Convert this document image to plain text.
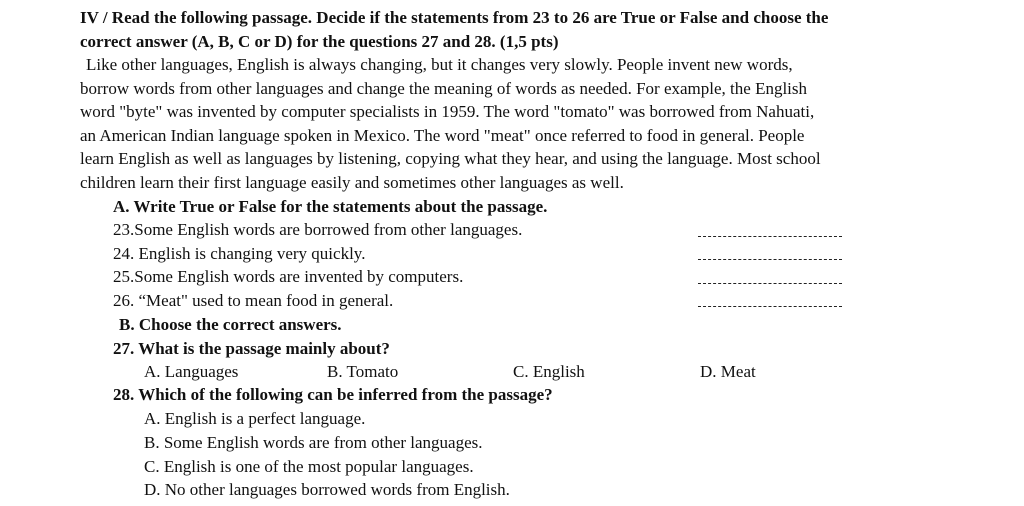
IV / Read the following passage. Decide if the statements from 23 to 26 are True or False and choose the
correct answer (A, B, C or D) for the questions 27 and 28. (1,5 pts)
Like other languages, English is always changing, but it changes very slowly. People invent new words,
borrow words from other languages and change the meaning of words as needed. For example, the English
word "byte" was invented by computer specialists in 1959. The word "tomato" was borrowed from Nahuati,
an American Indian language spoken in Mexico. The word "meat" once referred to food in general. People
learn English as well as languages by listening, copying what they hear, and using the language. Most school
children learn their first language easily and sometimes other languages as well.
A. Write True or False for the statements about the passage.
23.Some English words are borrowed from other languages.
24. English is changing very quickly.
25.Some English words are invented by computers.
26. “Meat" used to mean food in general.
B. Choose the correct answers.
27. What is the passage mainly about?
A. Languages	B. Tomato	C. English	D. Meat
28. Which of the following can be inferred from the passage?
A. English is a perfect language.
B. Some English words are from other languages.
C. English is one of the most popular languages.
D. No other languages borrowed words from English.
